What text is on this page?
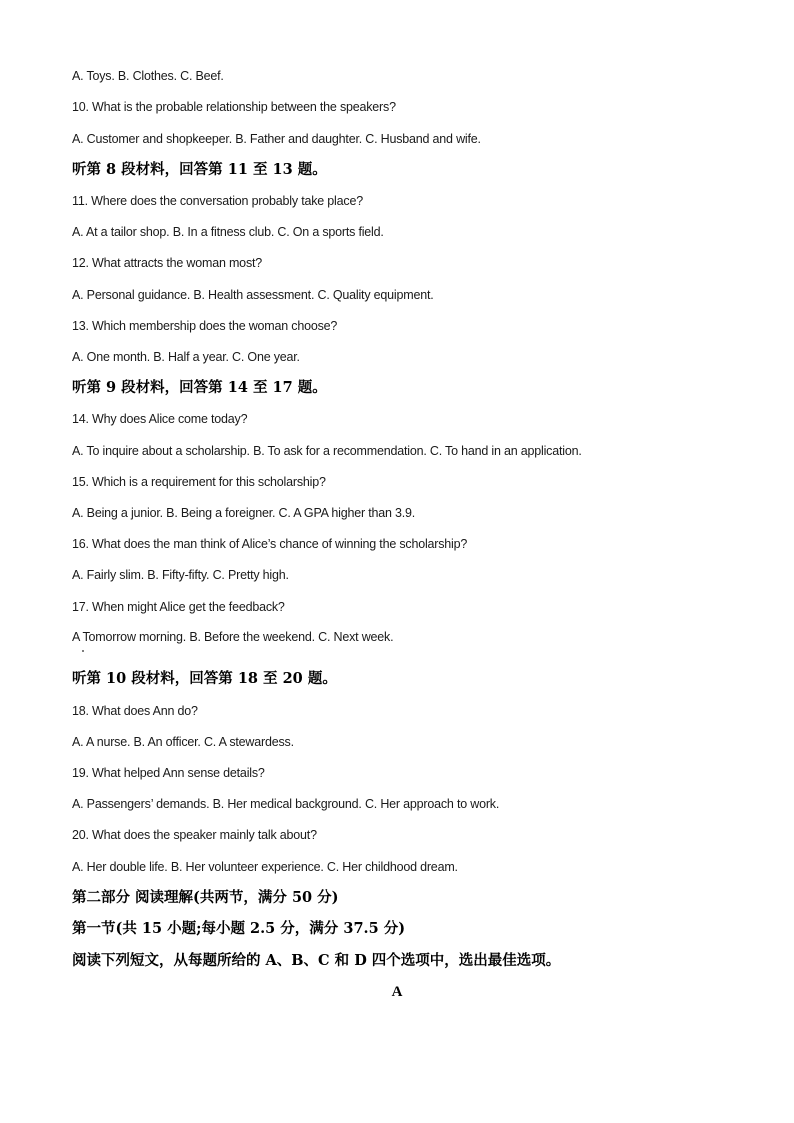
A. Toys. B. Clothes. C. Beef.

10. What is the probable relationship between the speakers?

A. Customer and shopkeeper. B. Father and daughter. C. Husband and wife.

听第 8 段材料，回答第 11 至 13 题。

11. Where does the conversation probably take place?

A. At a tailor shop. B. In a fitness club. C. On a sports field.

12. What attracts the woman most?

A. Personal guidance. B. Health assessment. C. Quality equipment.

13. Which membership does the woman choose?

A. One month. B. Half a year. C. One year.

听第 9 段材料，回答第 14 至 17 题。

14. Why does Alice come today?

A. To inquire about a scholarship. B. To ask for a recommendation. C. To hand in an application.

15. Which is a requirement for this scholarship?

A. Being a junior. B. Being a foreigner. C. A GPA higher than 3.9.

16. What does the man think of Alice’s chance of winning the scholarship?

A. Fairly slim. B. Fifty-fifty. C. Pretty high.

17. When might Alice get the feedback?

A Tomorrow morning. B. Before the weekend. C. Next week.

听第 10 段材料，回答第 18 至 20 题。

18. What does Ann do?

A. A nurse. B. An officer. C. A stewardess.

19. What helped Ann sense details?

A. Passengers’ demands. B. Her medical background. C. Her approach to work.

20. What does the speaker mainly talk about?

A. Her double life. B. Her volunteer experience. C. Her childhood dream.

第二部分 阅读理解(共两节，满分 50 分)

第一节(共 15 小题;每小题 2.5 分，满分 37.5 分)

阅读下列短文，从每题所给的 A、B、C 和 D 四个选项中，选出最佳选项。

A
